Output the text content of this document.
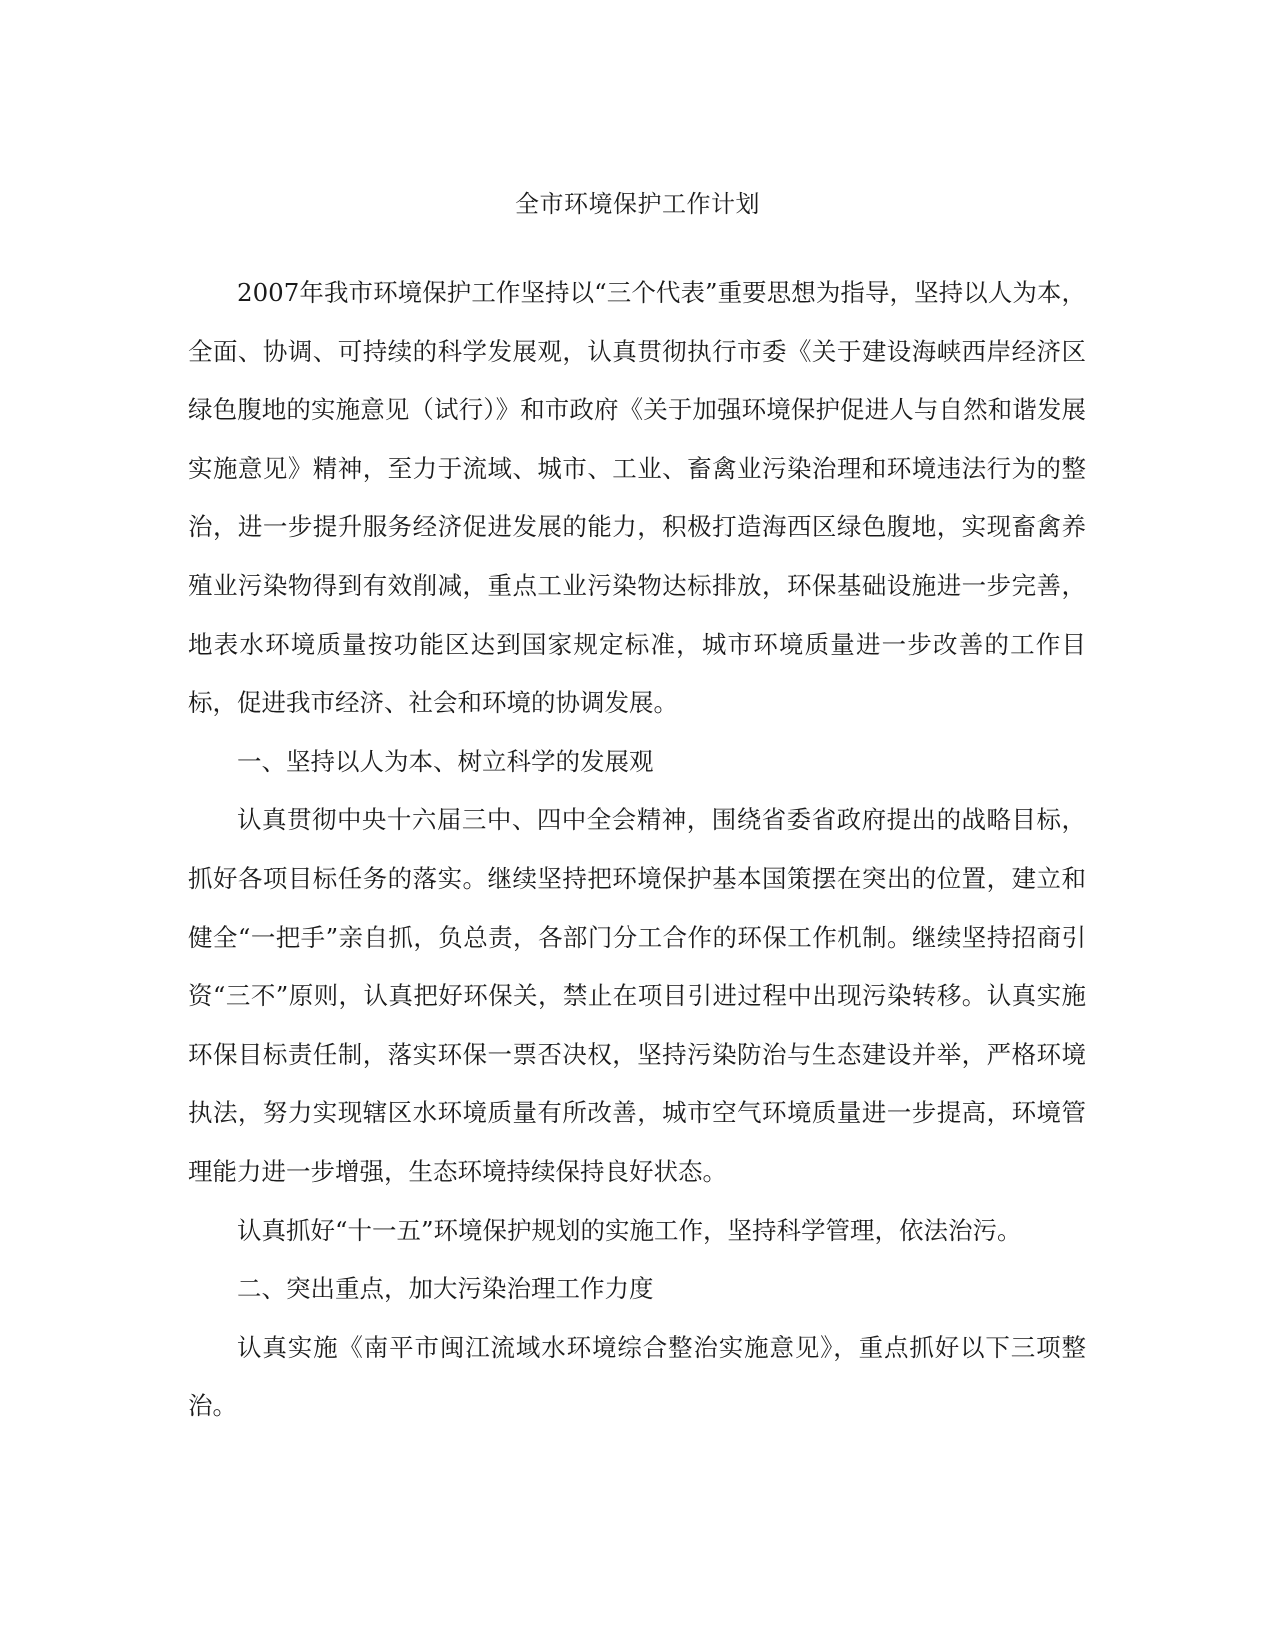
全市环境保护工作计划

2007年我市环境保护工作坚持以“三个代表”重要思想为指导，坚持以人为本，全面、协调、可持续的科学发展观，认真贯彻执行市委《关于建设海峡西岸经济区绿色腹地的实施意见（试行）》和市政府《关于加强环境保护促进人与自然和谐发展实施意见》精神，至力于流域、城市、工业、畜禽业污染治理和环境违法行为的整治，进一步提升服务经济促进发展的能力，积极打造海西区绿色腹地，实现畜禽养殖业污染物得到有效削减，重点工业污染物达标排放，环保基础设施进一步完善，地表水环境质量按功能区达到国家规定标准，城市环境质量进一步改善的工作目标，促进我市经济、社会和环境的协调发展。

一、坚持以人为本、树立科学的发展观

认真贯彻中央十六届三中、四中全会精神，围绕省委省政府提出的战略目标，抓好各项目标任务的落实。继续坚持把环境保护基本国策摆在突出的位置，建立和健全“一把手”亲自抓，负总责，各部门分工合作的环保工作机制。继续坚持招商引资“三不”原则，认真把好环保关，禁止在项目引进过程中出现污染转移。认真实施环保目标责任制，落实环保一票否决权，坚持污染防治与生态建设并举，严格环境执法，努力实现辖区水环境质量有所改善，城市空气环境质量进一步提高，环境管理能力进一步增强，生态环境持续保持良好状态。

认真抓好“十一五”环境保护规划的实施工作，坚持科学管理，依法治污。

二、突出重点，加大污染治理工作力度

认真实施《南平市闽江流域水环境综合整治实施意见》，重点抓好以下三项整治。
